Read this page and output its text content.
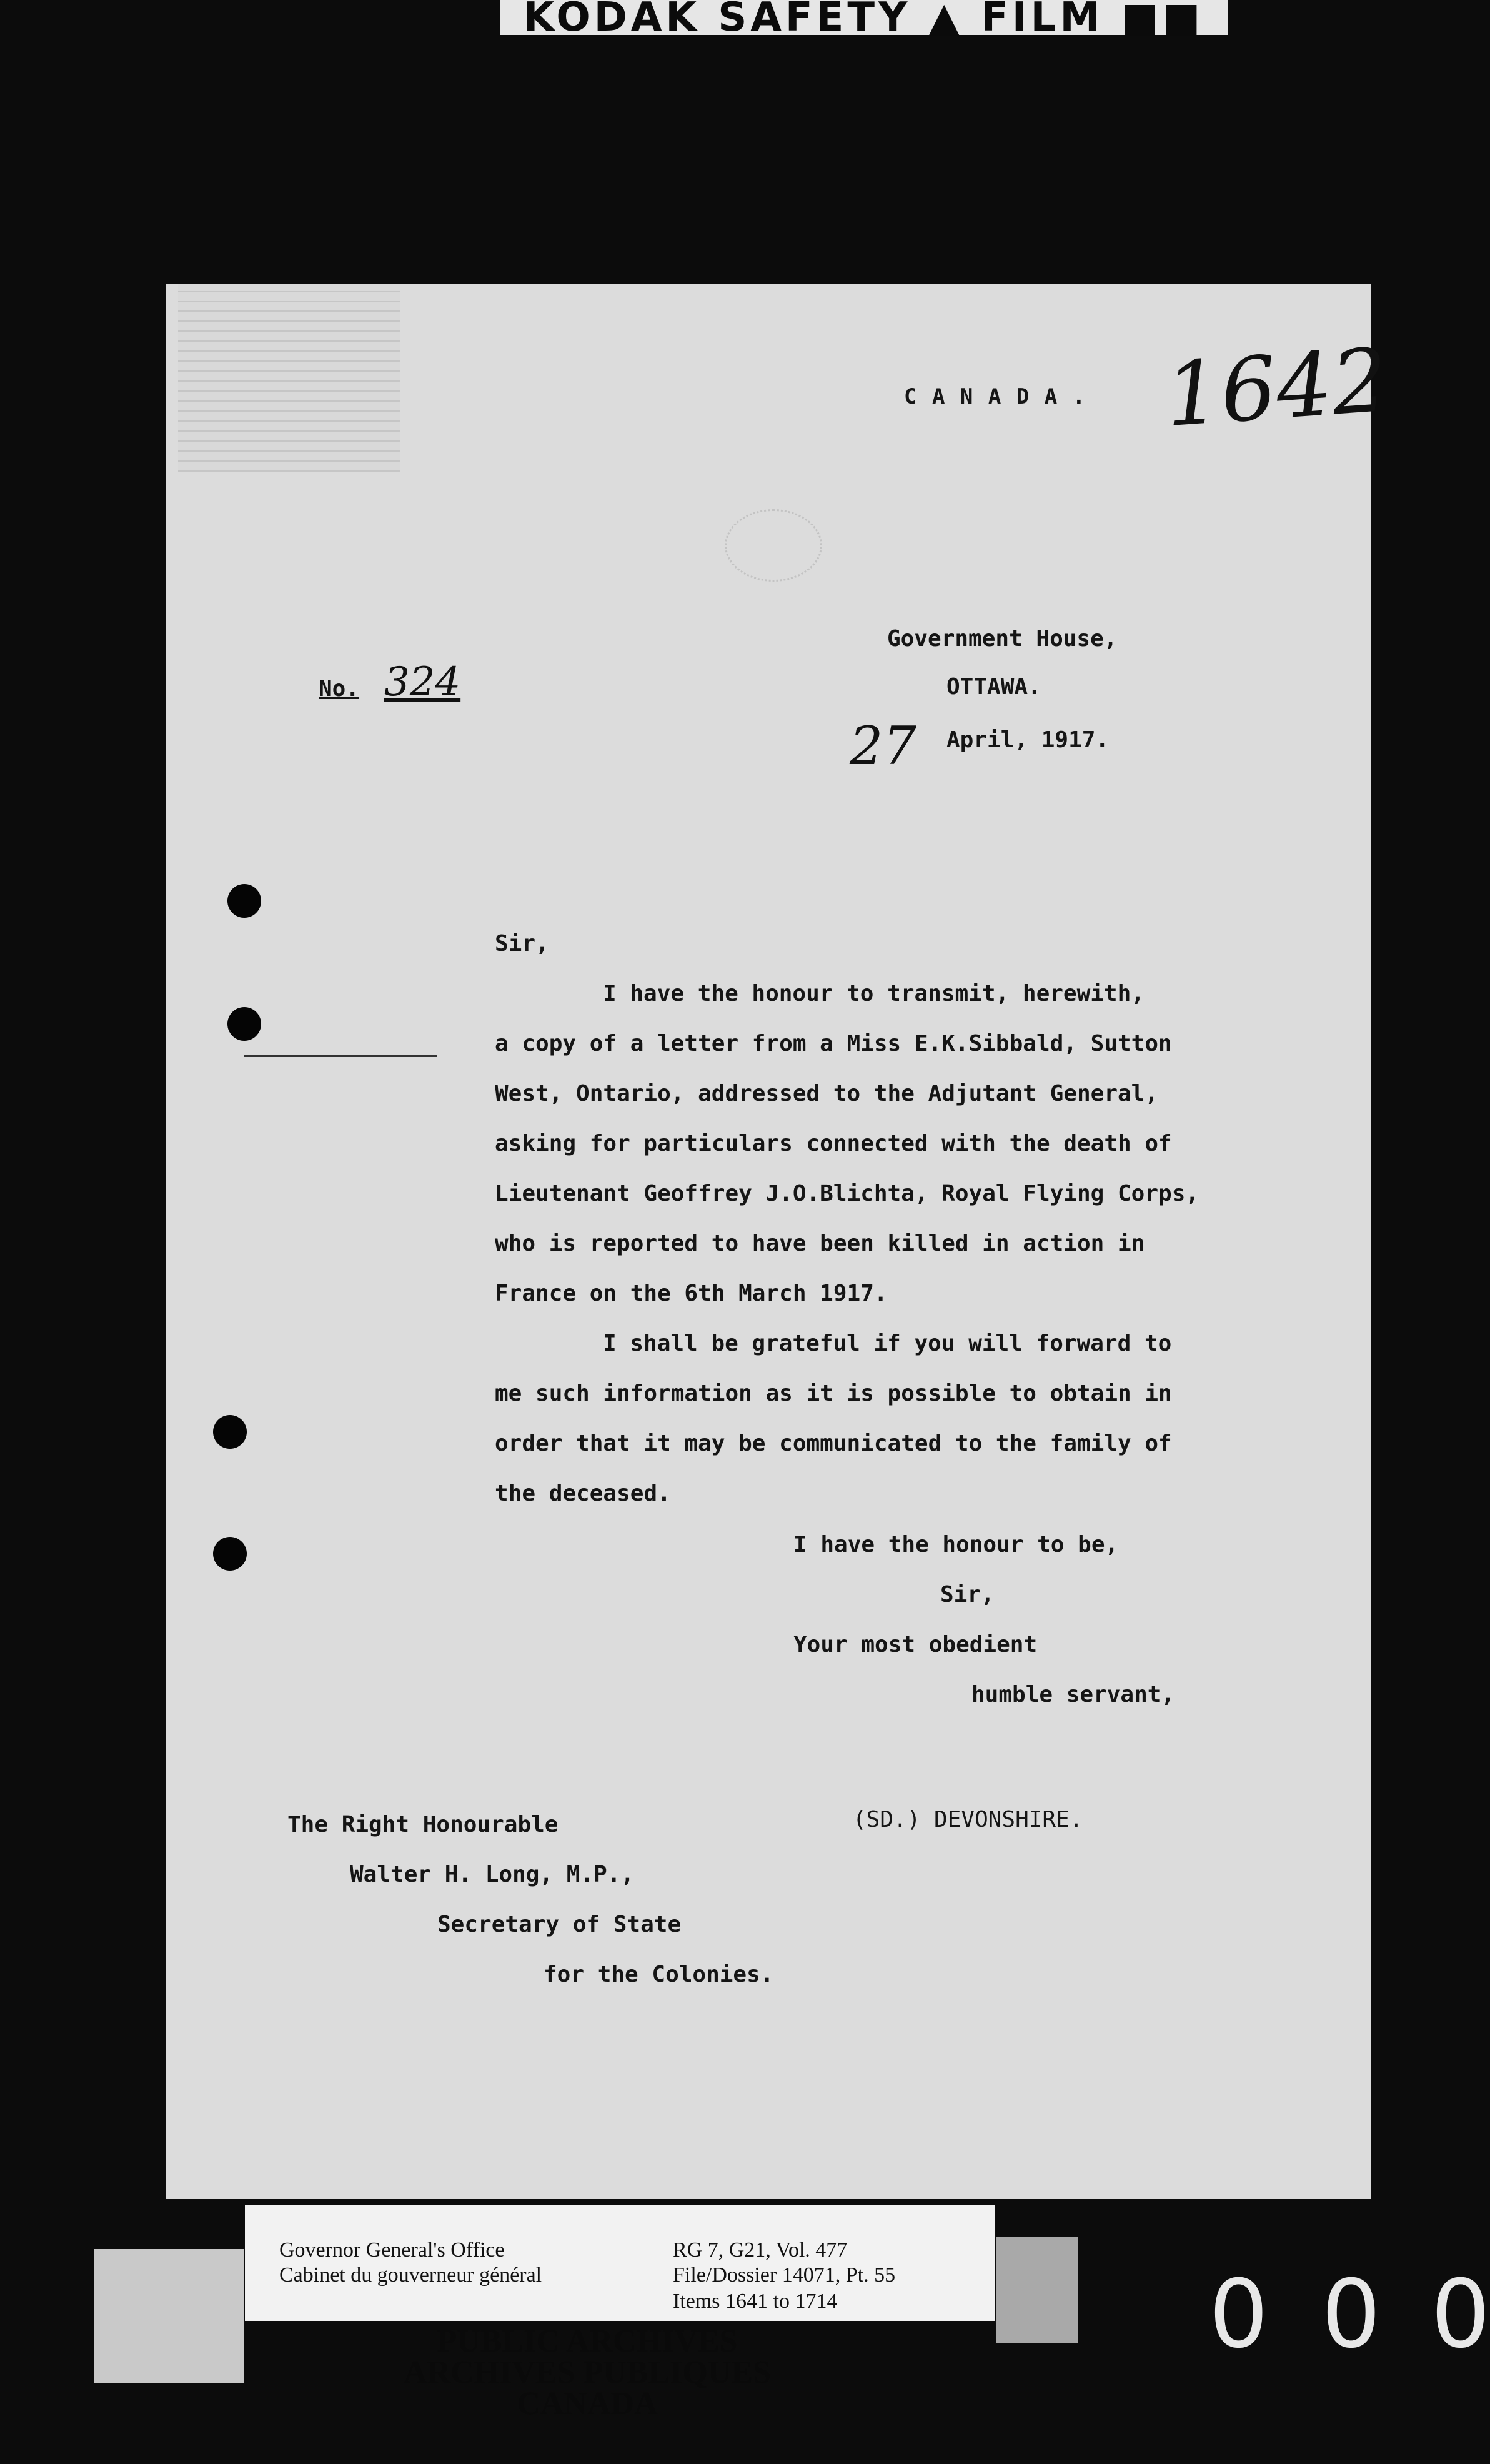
KODAK SAFETY ▲ FILM ■■

C A N A D A . 1642

Government House,

OTTAWA.

No. 324

27 April, 1917.

Sir,

I have the honour to transmit, herewith,

a copy of a letter from a Miss E.K.Sibbald, Sutton

West, Ontario, addressed to the Adjutant General,

asking for particulars connected with the death of

Lieutenant Geoffrey J.O.Blichta, Royal Flying Corps,

who is reported to have been killed in action in

France on the 6th March 1917.

I shall be grateful if you will forward to

me such information as it is possible to obtain in

order that it may be communicated to the family of

the deceased.

I have the honour to be,

Sir,

Your most obedient

humble servant,

(SD.) DEVONSHIRE.

The Right Honourable

Walter H. Long, M.P.,

Secretary of State

for the Colonies.

Governor General's Office

Cabinet du gouverneur général

RG 7, G21, Vol. 477

File/Dossier 14071, Pt. 55

Items 1641 to 1714

PUBLIC ARCHIVES
ARCHIVES PUBLIQUES
CANADA
0 0 0
